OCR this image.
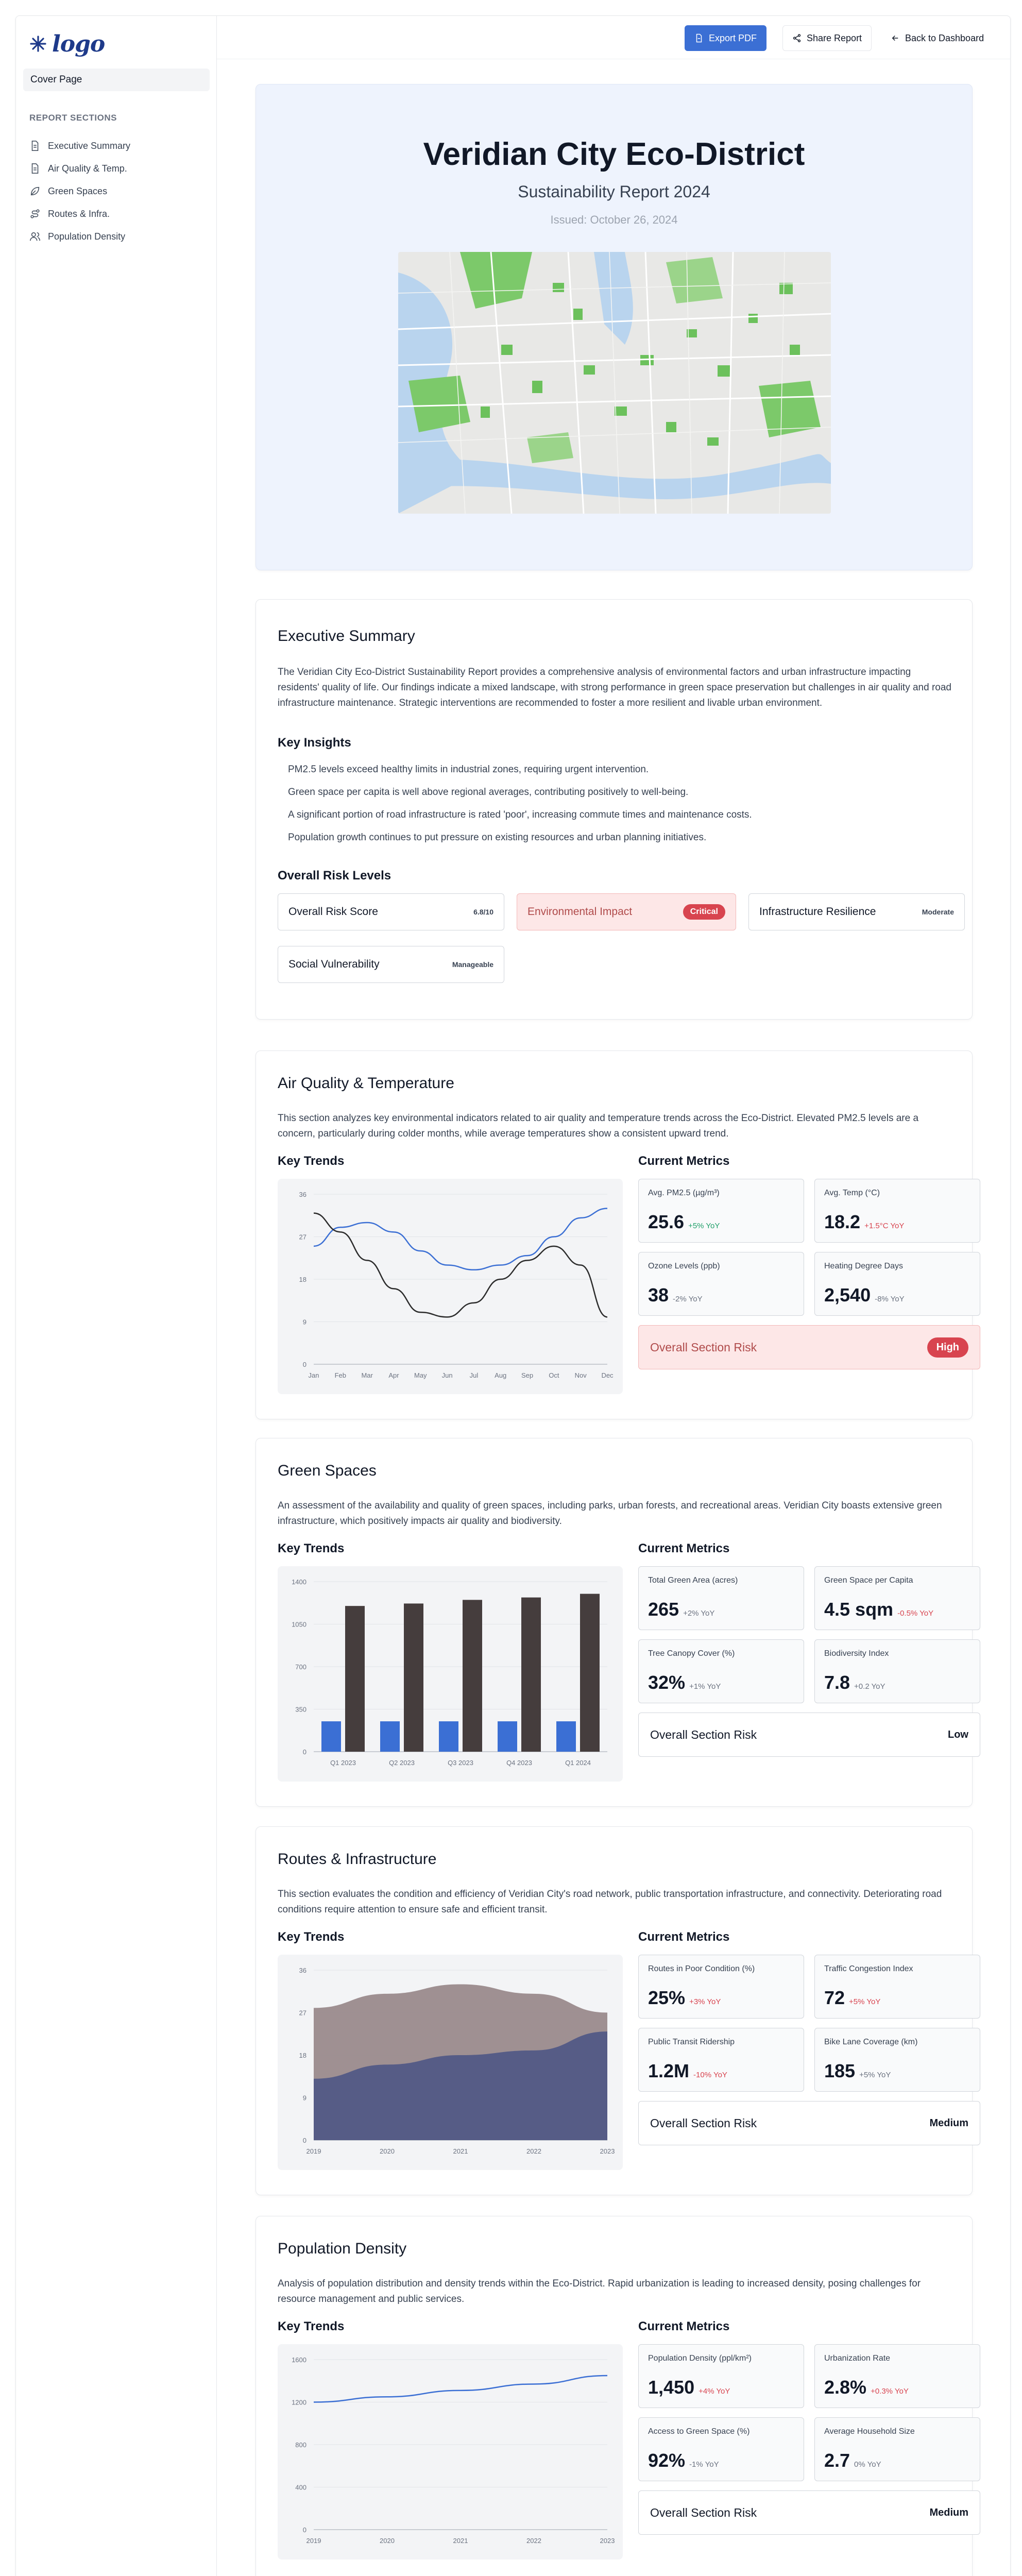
logo
Cover Page
REPORT SECTIONS
Executive Summary
Air Quality & Temp.
Green Spaces
Routes & Infra.
Population Density
Export PDF	Share Report	Back to Dashboard
Veridian City Eco-District
Sustainability Report 2024
Issued: October 26, 2024
Executive Summary
The Veridian City Eco-District Sustainability Report provides a comprehensive analysis of environmental factors and urban infrastructure impacting residents' quality of life. Our findings indicate a mixed landscape, with strong performance in green space preservation but challenges in air quality and road infrastructure maintenance. Strategic interventions are recommended to foster a more resilient and livable urban environment.
Key Insights
PM2.5 levels exceed healthy limits in industrial zones, requiring urgent intervention.
Green space per capita is well above regional averages, contributing positively to well-being.
A significant portion of road infrastructure is rated 'poor', increasing commute times and maintenance costs.
Population growth continues to put pressure on existing resources and urban planning initiatives.
Overall Risk Levels
Overall Risk Score	6.8/10	Environmental Impact	Critical	Infrastructure Resilience	Moderate
Social Vulnerability	Manageable
Air Quality & Temperature
This section analyzes key environmental indicators related to air quality and temperature trends across the Eco-District. Elevated PM2.5 levels are a concern, particularly during colder months, while average temperatures show a consistent upward trend.
Key Trends	Current Metrics
0
9
18
27
36
Jan Feb Mar Apr May Jun	Jul Aug Sep Oct Nov Dec
Avg. PM2.5 (µg/m³)
25.6 +5% YoY
Avg. Temp (°C)
18.2 +1.5°C YoY
Ozone Levels (ppb)
38 -2% YoY
Heating Degree Days
2,540 -8% YoY
Overall Section Risk	High
Green Spaces
An assessment of the availability and quality of green spaces, including parks, urban forests, and recreational areas. Veridian City boasts extensive green infrastructure, which positively impacts air quality and biodiversity.
Key Trends	Current Metrics
0
350
700
1050
1400
Q1 2023	Q2 2023	Q3 2023	Q4 2023	Q1 2024
Total Green Area (acres)
265 +2% YoY
Green Space per Capita
4.5 sqm -0.5% YoY
Tree Canopy Cover (%)
32% +1% YoY
Biodiversity Index
7.8 +0.2 YoY
Overall Section Risk	Low
Routes & Infrastructure
This section evaluates the condition and efficiency of Veridian City's road network, public transportation infrastructure, and connectivity. Deteriorating road conditions require attention to ensure safe and efficient transit.
Key Trends	Current Metrics
0
9
18
27
36
2019	2020	2021	2022	2023
Routes in Poor Condition (%)
25% +3% YoY
Traffic Congestion Index
72 +5% YoY
Public Transit Ridership
1.2M -10% YoY
Bike Lane Coverage (km)
185 +5% YoY
Overall Section Risk	Medium
Population Density
Analysis of population distribution and density trends within the Eco-District. Rapid urbanization is leading to increased density, posing challenges for resource management and public services.
Key Trends	Current Metrics
0
400
800
1200
1600
2019	2020	2021	2022	2023
Population Density (ppl/km²)
1,450 +4% YoY
Urbanization Rate
2.8% +0.3% YoY
Access to Green Space (%)
92% -1% YoY
Average Household Size
2.7 0% YoY
Overall Section Risk	Medium
